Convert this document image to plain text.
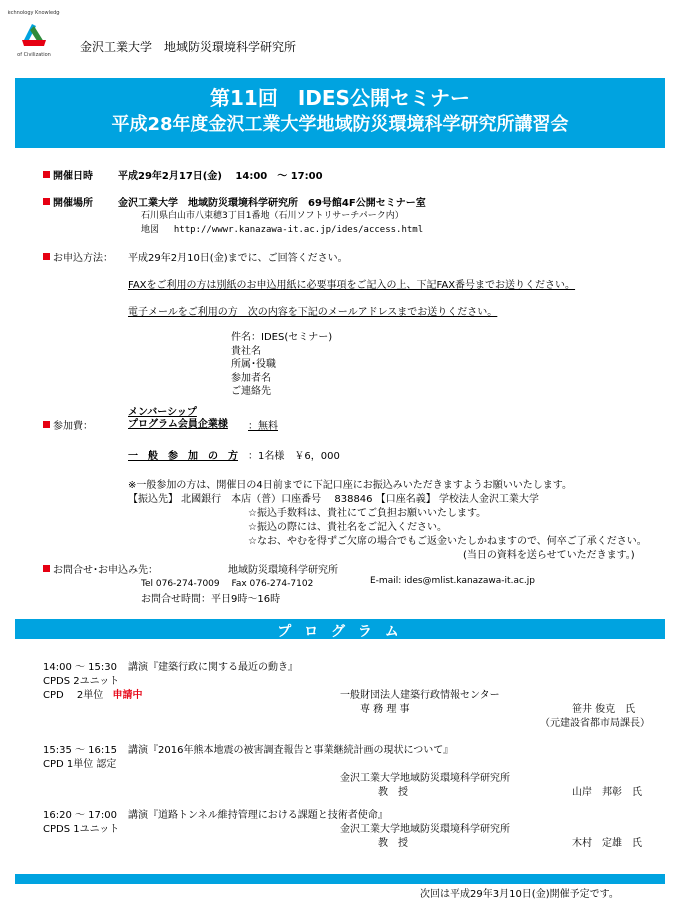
Technology Knowledge
of Civilization
金沢工業大学　地域防災環境科学研究所
第11回　IDES公開セミナー
平成28年度金沢工業大学地域防災環境科学研究所講習会
開催日時	平成29年2月17日(金)　 14:00　～ 17:00
開催場所	金沢工業大学　地域防災環境科学研究所　69号館4F公開セミナー室
石川県白山市八束穂3丁目1番地（石川ソフトリサーチパーク内）
地図 http://wwwr.kanazawa-it.ac.jp/ides/access.html
お申込方法： 平成29年2月10日(金)までに、ご回答ください。
FAXをご利用の方は別紙のお申込用紙に必要事項をご記入の上、下記FAX番号までお送りください。
電子メールをご利用の方　次の内容を下記のメールアドレスまでお送りください。
件名：IDES(セミナー)
貴社名
所属･役職
参加者名
ご連絡先
参加費：
メンバーシップ
プログラム会員企業様 ：無料
一　般　参　加　の　方 ：1名様　￥6，000
※一般参加の方は、開催日の4日前までに下記口座にお振込みいただきますようお願いいたします。
【振込先】 北國銀行　本店（普）口座番号　 838846 【口座名義】 学校法人金沢工業大学
☆振込手数料は、貴社にてご負担お願いいたします。
☆振込の際には、貴社名をご記入ください。
☆なお、やむを得ずご欠席の場合でもご返金いたしかねますので、何卒ご了承ください。
(当日の資料を送らせていただきます。)
お問合せ･お申込み先：	地域防災環境科学研究所
Tel 076-274-7009　 Fax 076-274-7102	E-mail: ides@mlist.kanazawa-it.ac.jp
お問合せ時間：平日9時～16時
プ ロ グ ラ ム
14:00 ～ 15:30 講演『建築行政に関する最近の動き』
CPDS 2ユニット
CPD　 2単位 申請中	一般財団法人建築行政情報センター
専 務 理 事	笹井 俊克　氏
（元建設省都市局課長）
15:35 ～ 16:15 講演『2016年熊本地震の被害調査報告と事業継続計画の現状について』
CPD 1単位 認定
金沢工業大学地域防災環境科学研究所
教　授	山岸　邦彰　氏
16:20 ～ 17:00 講演『道路トンネル維持管理における課題と技術者使命』
CPDS 1ユニット	金沢工業大学地域防災環境科学研究所
教　授	木村　定雄　氏
次回は平成29年3月10日(金)開催予定です。
